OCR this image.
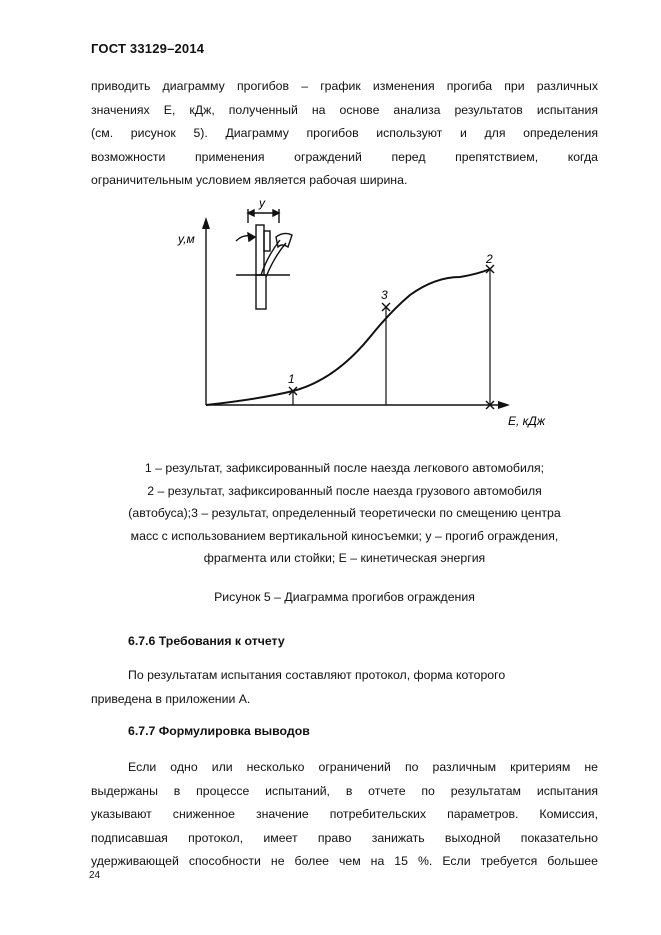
ГОСТ 33129–2014
приводить диаграмму прогибов – график изменения прогиба при различных
значениях E, кДж, полученный на основе анализа результатов испытания
(см. рисунок 5). Диаграмму прогибов используют и для определения
возможности применения ограждений перед препятствием, когда
ограничительным условием является рабочая ширина.
y,м
E, кДж
1
3
2
y
1 – результат, зафиксированный после наезда легкового автомобиля;
2 – результат, зафиксированный после наезда грузового автомобиля
(автобуса);3 – результат, определенный теоретически по смещению центра
масс с использованием вертикальной киносъемки; y – прогиб ограждения,
фрагмента или стойки; E – кинетическая энергия
Рисунок 5 – Диаграмма прогибов ограждения
6.7.6 Требования к отчету
По результатам испытания составляют протокол, форма которого
приведена в приложении А.
6.7.7 Формулировка выводов
Если одно или несколько ограничений по различным критериям не
выдержаны в процессе испытаний, в отчете по результатам испытания
указывают сниженное значение потребительских параметров. Комиссия,
подписавшая протокол, имеет право занижать выходной показательно
удерживающей способности не более чем на 15 %. Если требуется большее
24
